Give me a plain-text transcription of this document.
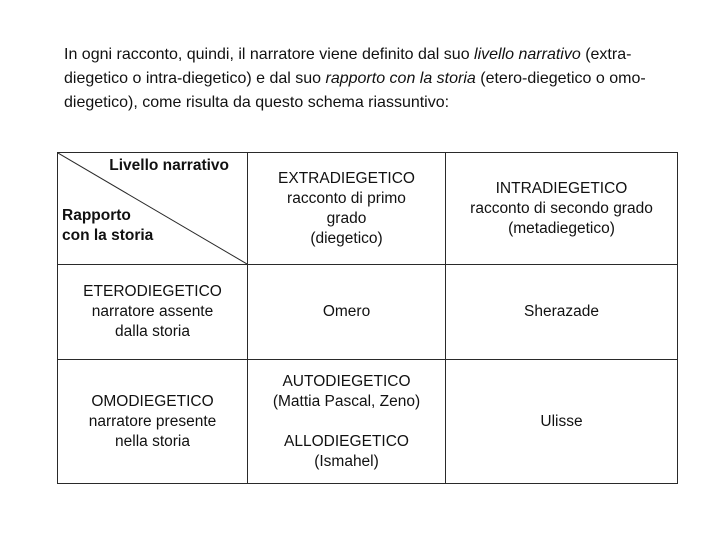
In ogni racconto, quindi, il narratore viene definito dal suo livello narrativo (extra-diegetico o intra-diegetico) e dal suo rapporto con la storia (etero-diegetico o omo-diegetico), come risulta da questo schema riassuntivo:

Livello narrativo
Rapporto
con la storia	EXTRADIEGETICO
racconto di primo
grado
(diegetico)	INTRADIEGETICO
racconto di secondo grado
(metadiegetico)

ETERODIEGETICO
narratore assente
dalla storia	Omero	Sherazade

OMODIEGETICO
narratore presente
nella storia	AUTODIEGETICO
(Mattia Pascal, Zeno)
ALLODIEGETICO
(Ismahel)	Ulisse
